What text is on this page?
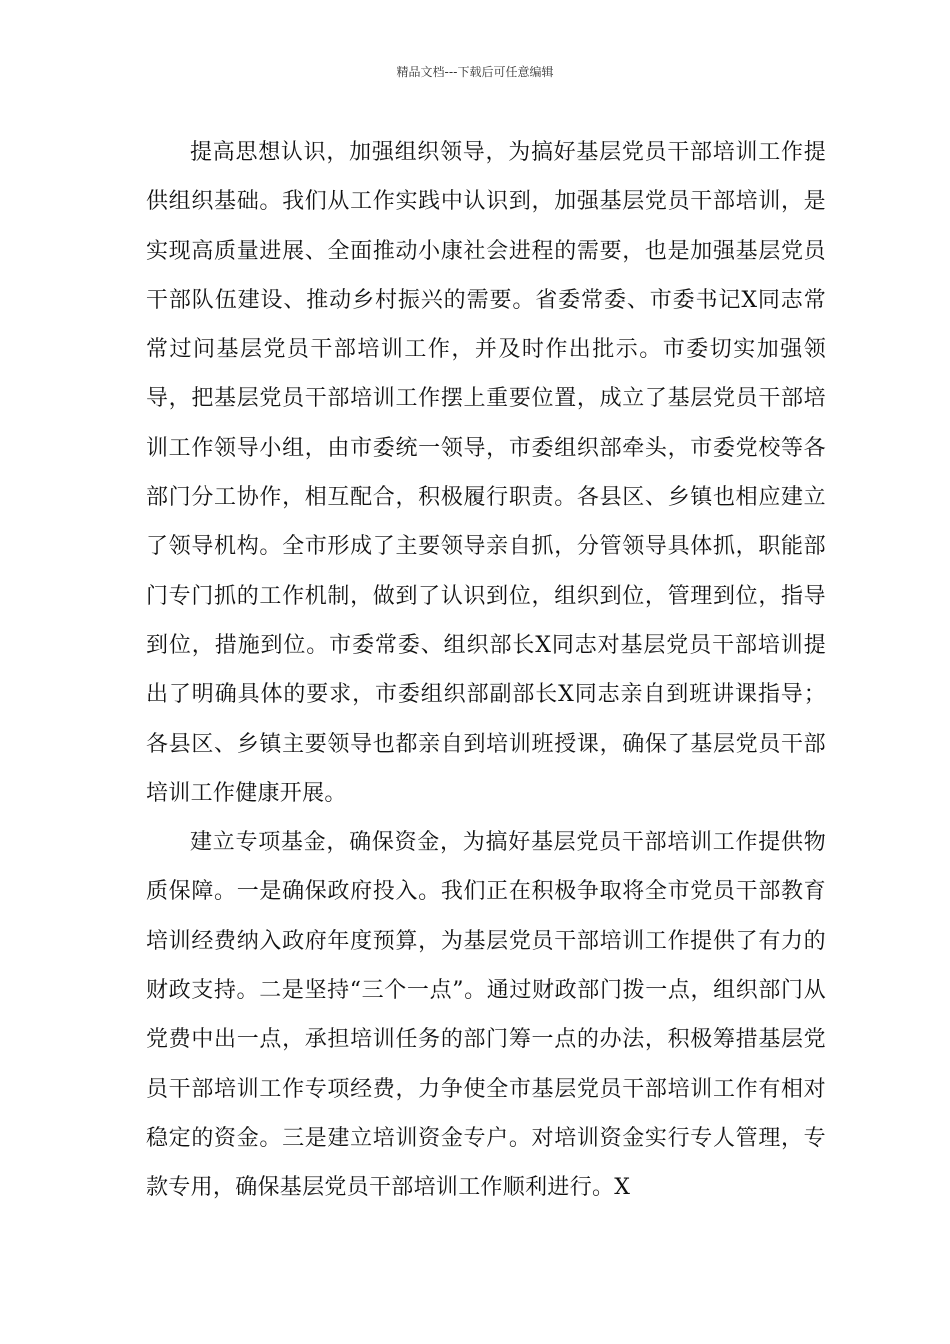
精品文档---下载后可任意编辑

提高思想认识，加强组织领导，为搞好基层党员干部培训工作提供组织基础。我们从工作实践中认识到，加强基层党员干部培训，是实现高质量进展、全面推动小康社会进程的需要，也是加强基层党员干部队伍建设、推动乡村振兴的需要。省委常委、市委书记X同志常常过问基层党员干部培训工作，并及时作出批示。市委切实加强领导，把基层党员干部培训工作摆上重要位置，成立了基层党员干部培训工作领导小组，由市委统一领导，市委组织部牵头，市委党校等各部门分工协作，相互配合，积极履行职责。各县区、乡镇也相应建立了领导机构。全市形成了主要领导亲自抓，分管领导具体抓，职能部门专门抓的工作机制，做到了认识到位，组织到位，管理到位，指导到位，措施到位。市委常委、组织部长X同志对基层党员干部培训提出了明确具体的要求，市委组织部副部长X同志亲自到班讲课指导；各县区、乡镇主要领导也都亲自到培训班授课，确保了基层党员干部培训工作健康开展。

建立专项基金，确保资金，为搞好基层党员干部培训工作提供物质保障。一是确保政府投入。我们正在积极争取将全市党员干部教育培训经费纳入政府年度预算，为基层党员干部培训工作提供了有力的财政支持。二是坚持“三个一点”。通过财政部门拨一点，组织部门从党费中出一点，承担培训任务的部门筹一点的办法，积极筹措基层党员干部培训工作专项经费，力争使全市基层党员干部培训工作有相对稳定的资金。三是建立培训资金专户。对培训资金实行专人管理，专款专用，确保基层党员干部培训工作顺利进行。X
